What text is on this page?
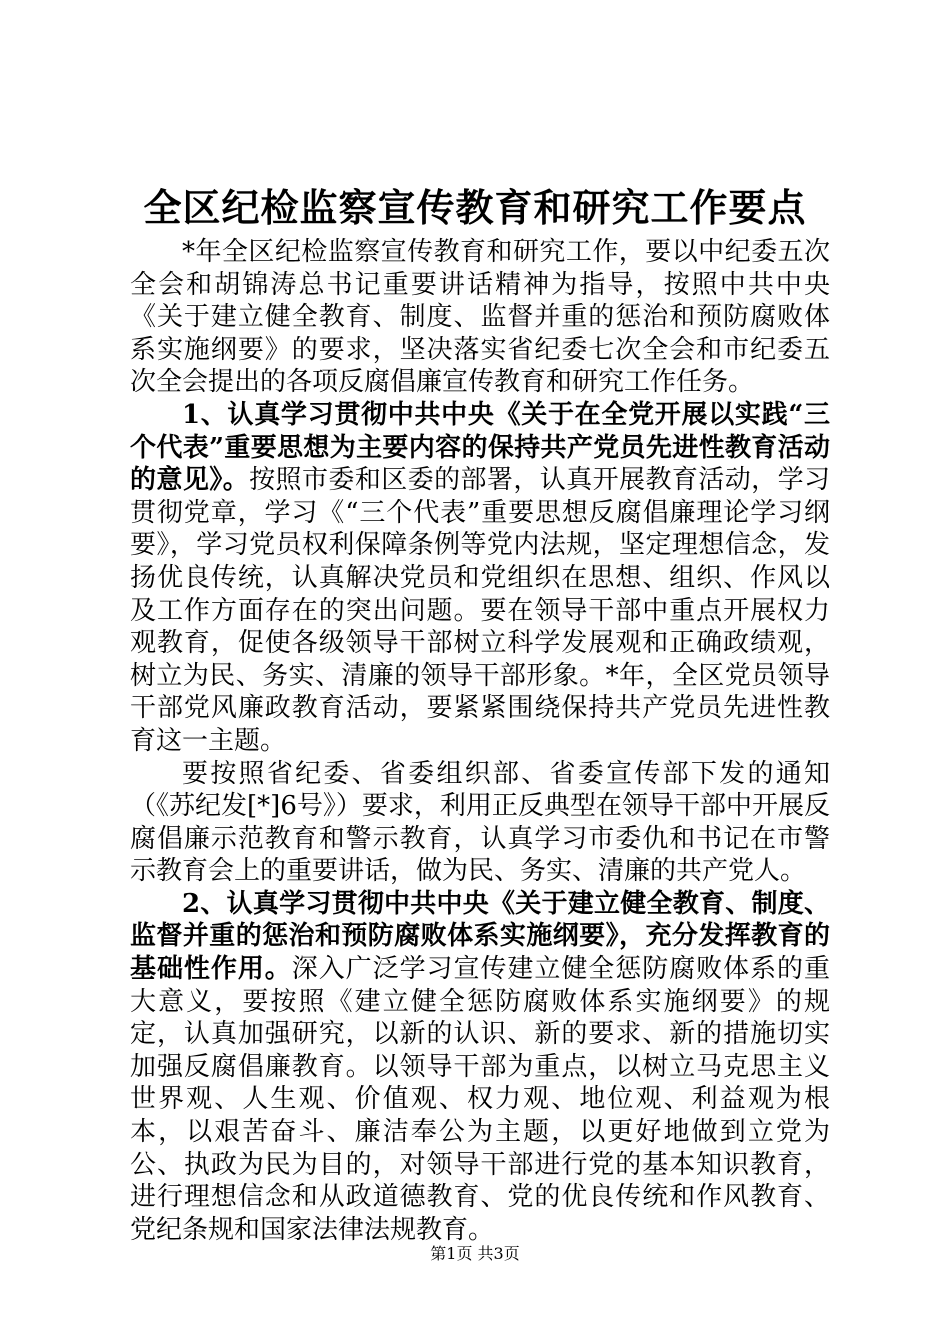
全区纪检监察宣传教育和研究工作要点

*年全区纪检监察宣传教育和研究工作，要以中纪委五次全会和胡锦涛总书记重要讲话精神为指导，按照中共中央《关于建立健全教育、制度、监督并重的惩治和预防腐败体系实施纲要》的要求，坚决落实省纪委七次全会和市纪委五次全会提出的各项反腐倡廉宣传教育和研究工作任务。

1、认真学习贯彻中共中央《关于在全党开展以实践“三个代表”重要思想为主要内容的保持共产党员先进性教育活动的意见》。按照市委和区委的部署，认真开展教育活动，学习贯彻党章，学习《“三个代表”重要思想反腐倡廉理论学习纲要》，学习党员权利保障条例等党内法规，坚定理想信念，发扬优良传统，认真解决党员和党组织在思想、组织、作风以及工作方面存在的突出问题。要在领导干部中重点开展权力观教育，促使各级领导干部树立科学发展观和正确政绩观，树立为民、务实、清廉的领导干部形象。*年，全区党员领导干部党风廉政教育活动，要紧紧围绕保持共产党员先进性教育这一主题。

要按照省纪委、省委组织部、省委宣传部下发的通知（《苏纪发[*]6号》）要求，利用正反典型在领导干部中开展反腐倡廉示范教育和警示教育，认真学习市委仇和书记在市警示教育会上的重要讲话，做为民、务实、清廉的共产党人。

2、认真学习贯彻中共中央《关于建立健全教育、制度、监督并重的惩治和预防腐败体系实施纲要》，充分发挥教育的基础性作用。深入广泛学习宣传建立健全惩防腐败体系的重大意义，要按照《建立健全惩防腐败体系实施纲要》的规定，认真加强研究，以新的认识、新的要求、新的措施切实加强反腐倡廉教育。以领导干部为重点，以树立马克思主义世界观、人生观、价值观、权力观、地位观、利益观为根本，以艰苦奋斗、廉洁奉公为主题，以更好地做到立党为公、执政为民为目的，对领导干部进行党的基本知识教育，进行理想信念和从政道德教育、党的优良传统和作风教育、党纪条规和国家法律法规教育。

第1页 共3页
